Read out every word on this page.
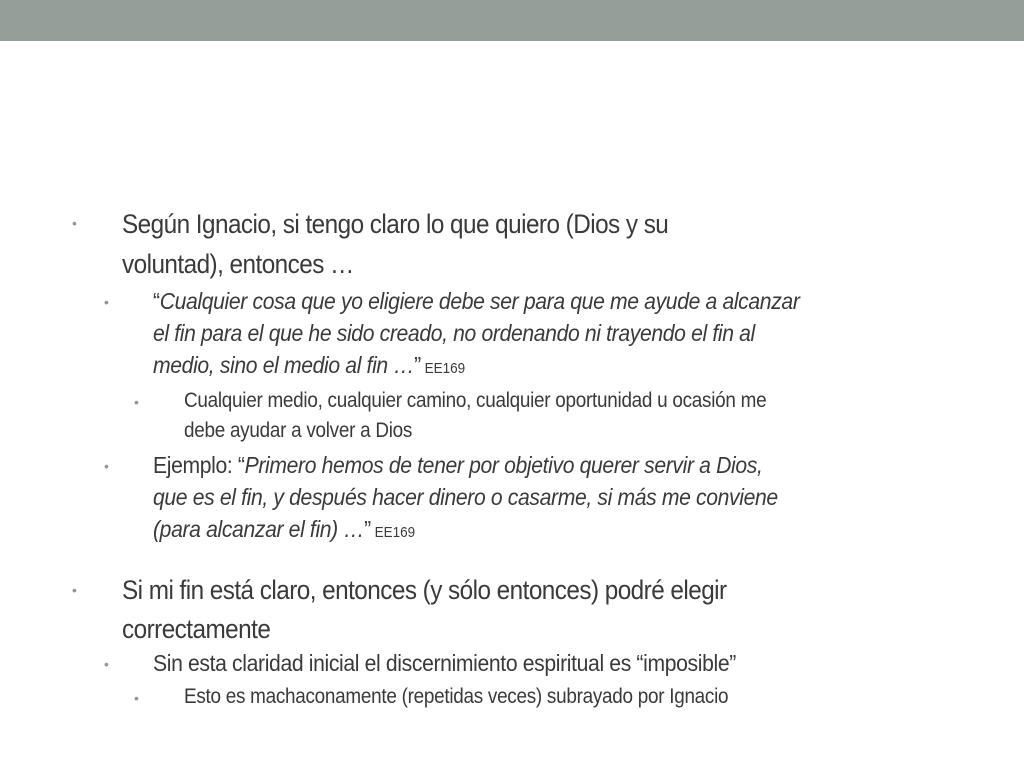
• Según Ignacio, si tengo claro lo que quiero (Dios y su
voluntad), entonces …
• “Cualquier cosa que yo eligiere debe ser para que me ayude a alcanzar
el fin para el que he sido creado, no ordenando ni trayendo el fin al
medio, sino el medio al fin …” EE169
• Cualquier medio, cualquier camino, cualquier oportunidad u ocasión me
debe ayudar a volver a Dios
• Ejemplo: “Primero hemos de tener por objetivo querer servir a Dios,
que es el fin, y después hacer dinero o casarme, si más me conviene
(para alcanzar el fin) …” EE169
• Si mi fin está claro, entonces (y sólo entonces) podré elegir
correctamente
• Sin esta claridad inicial el discernimiento espiritual es “imposible”
• Esto es machaconamente (repetidas veces) subrayado por Ignacio
